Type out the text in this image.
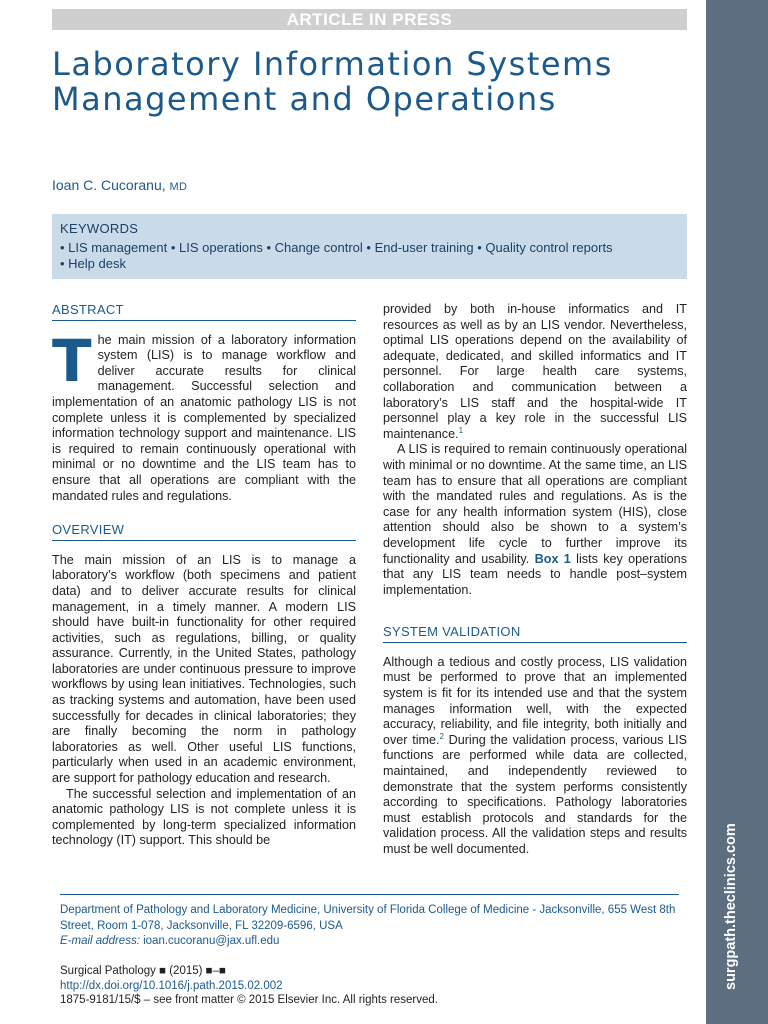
ARTICLE IN PRESS
surgpath.theclinics.com
Laboratory Information Systems Management and Operations
Ioan C. Cucoranu, MD
KEYWORDS
• LIS management • LIS operations • Change control • End-user training • Quality control reports
• Help desk
ABSTRACT

The main mission of a laboratory information system (LIS) is to manage workflow and deliver accurate results for clinical management. Successful selection and implementation of an anatomic pathology LIS is not complete unless it is complemented by specialized information technology support and maintenance. LIS is required to remain continuously operational with minimal or no downtime and the LIS team has to ensure that all operations are compliant with the mandated rules and regulations.

OVERVIEW

The main mission of an LIS is to manage a laboratory’s workflow (both specimens and patient data) and to deliver accurate results for clinical management, in a timely manner. A modern LIS should have built-in functionality for other required activities, such as regulations, billing, or quality assurance. Currently, in the United States, pathology laboratories are under continuous pressure to improve workflows by using lean initiatives. Technologies, such as tracking systems and automation, have been used successfully for decades in clinical laboratories; they are finally becoming the norm in pathology laboratories as well. Other useful LIS functions, particularly when used in an academic environment, are support for pathology education and research.

The successful selection and implementation of an anatomic pathology LIS is not complete unless it is complemented by long-term specialized information technology (IT) support. This should be

provided by both in-house informatics and IT resources as well as by an LIS vendor. Nevertheless, optimal LIS operations depend on the availability of adequate, dedicated, and skilled informatics and IT personnel. For large health care systems, collaboration and communication between a laboratory’s LIS staff and the hospital-wide IT personnel play a key role in the successful LIS maintenance.$^1$

A LIS is required to remain continuously operational with minimal or no downtime. At the same time, an LIS team has to ensure that all operations are compliant with the mandated rules and regulations. As is the case for any health information system (HIS), close attention should also be shown to a system’s development life cycle to further improve its functionality and usability. Box 1 lists key operations that any LIS team needs to handle post–system implementation.

SYSTEM VALIDATION

Although a tedious and costly process, LIS validation must be performed to prove that an implemented system is fit for its intended use and that the system manages information well, with the expected accuracy, reliability, and file integrity, both initially and over time.$^2$ During the validation process, various LIS functions are performed while data are collected, maintained, and independently reviewed to demonstrate that the system performs consistently according to specifications. Pathology laboratories must establish protocols and standards for the validation process. All the validation steps and results must be well documented.

Department of Pathology and Laboratory Medicine, University of Florida College of Medicine - Jacksonville, 655 West 8th Street, Room 1-078, Jacksonville, FL 32209-6596, USA
E-mail address: ioan.cucoranu@jax.ufl.edu
Surgical Pathology ■ (2015) ■–■
http://dx.doi.org/10.1016/j.path.2015.02.002
1875-9181/15/$ – see front matter © 2015 Elsevier Inc. All rights reserved.
